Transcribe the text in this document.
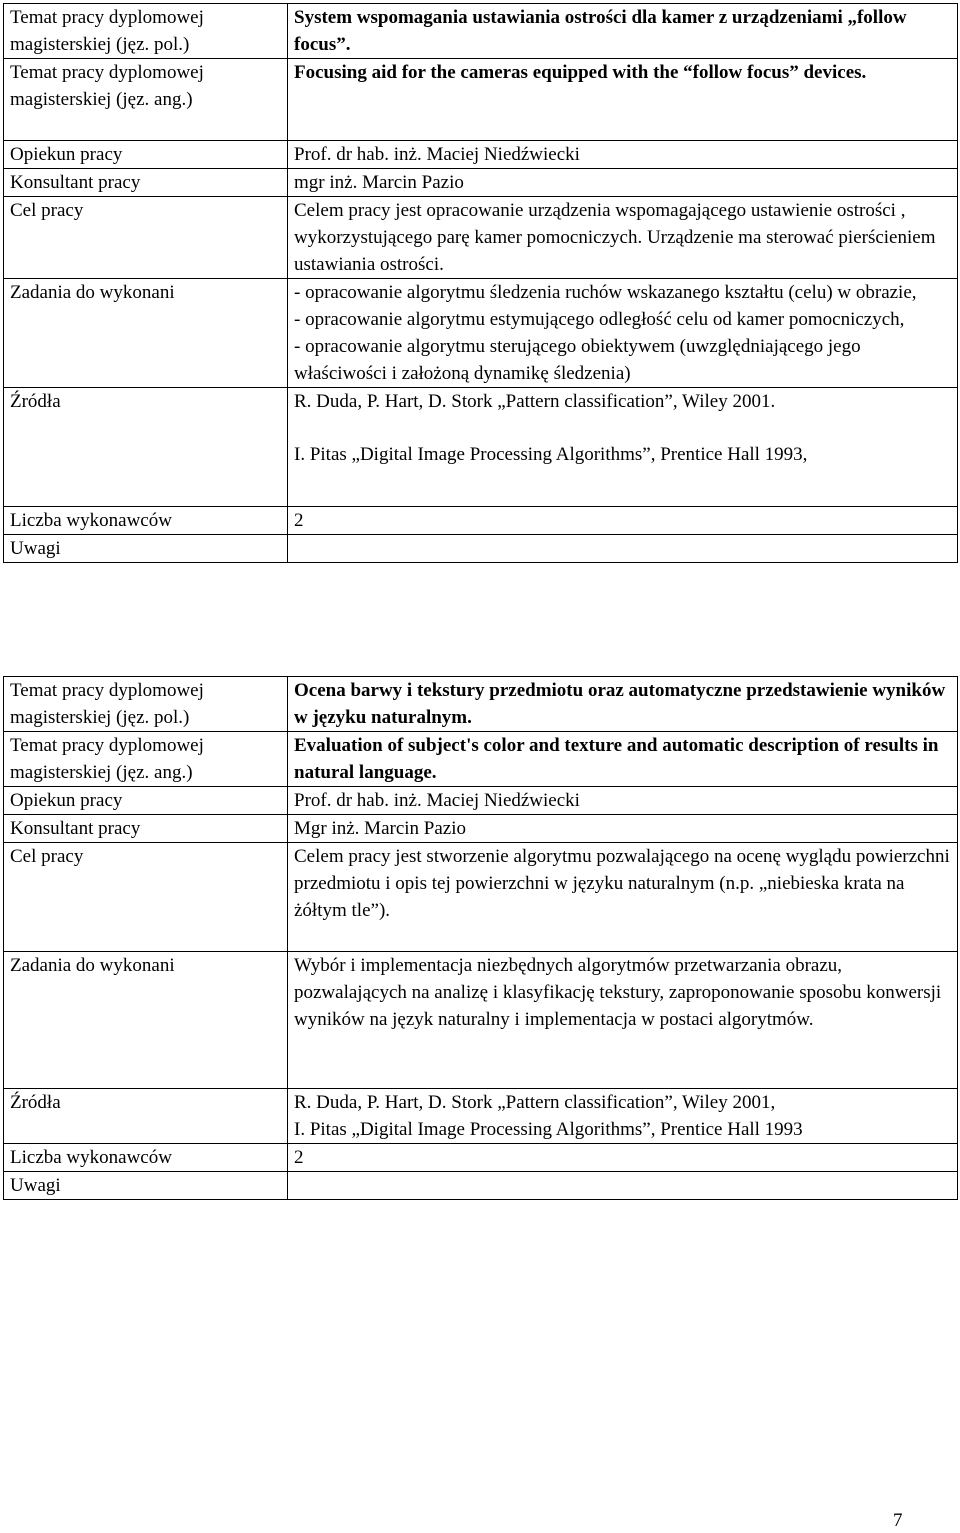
Temat pracy dyplomowej magisterskiej (jęz. pol.)	System wspomagania ustawiania ostrości dla kamer z urządzeniami „follow focus”.
Temat pracy dyplomowej magisterskiej (jęz. ang.)	Focusing aid for the cameras equipped with the “follow focus” devices.
Opiekun pracy	Prof. dr hab. inż. Maciej Niedźwiecki
Konsultant pracy	mgr inż. Marcin Pazio
Cel pracy	Celem pracy jest opracowanie urządzenia wspomagającego ustawienie ostrości , wykorzystującego parę kamer pomocniczych. Urządzenie ma sterować pierścieniem ustawiania ostrości.
Zadania do wykonani	- opracowanie algorytmu śledzenia ruchów wskazanego kształtu (celu) w obrazie,
- opracowanie algorytmu estymującego odległość celu od kamer pomocniczych,
- opracowanie algorytmu sterującego obiektywem (uwzględniającego jego właściwości i założoną dynamikę śledzenia)

Źródła	R. Duda, P. Hart, D. Stork „Pattern classification”, Wiley 2001.
I. Pitas „Digital Image Processing Algorithms”, Prentice Hall 1993,

Liczba wykonawców	2
Uwagi	
Temat pracy dyplomowej magisterskiej (jęz. pol.)	Ocena barwy i tekstury przedmiotu oraz automatyczne przedstawienie wyników w języku naturalnym.
Temat pracy dyplomowej magisterskiej (jęz. ang.)	Evaluation of subject's color and texture and automatic description of results in natural language.
Opiekun pracy	Prof. dr hab. inż. Maciej Niedźwiecki
Konsultant pracy	Mgr inż. Marcin Pazio
Cel pracy	Celem pracy jest stworzenie algorytmu pozwalającego na ocenę wyglądu powierzchni przedmiotu i opis tej powierzchni w języku naturalnym (n.p. „niebieska krata na żółtym tle”).
Zadania do wykonani	Wybór i implementacja niezbędnych algorytmów przetwarzania obrazu, pozwalających na analizę i klasyfikację tekstury, zaproponowanie sposobu konwersji wyników na język naturalny i implementacja w postaci algorytmów.
Źródła	R. Duda, P. Hart, D. Stork „Pattern classification”, Wiley 2001,
I. Pitas „Digital Image Processing Algorithms”, Prentice Hall 1993

Liczba wykonawców	2
Uwagi	
7
